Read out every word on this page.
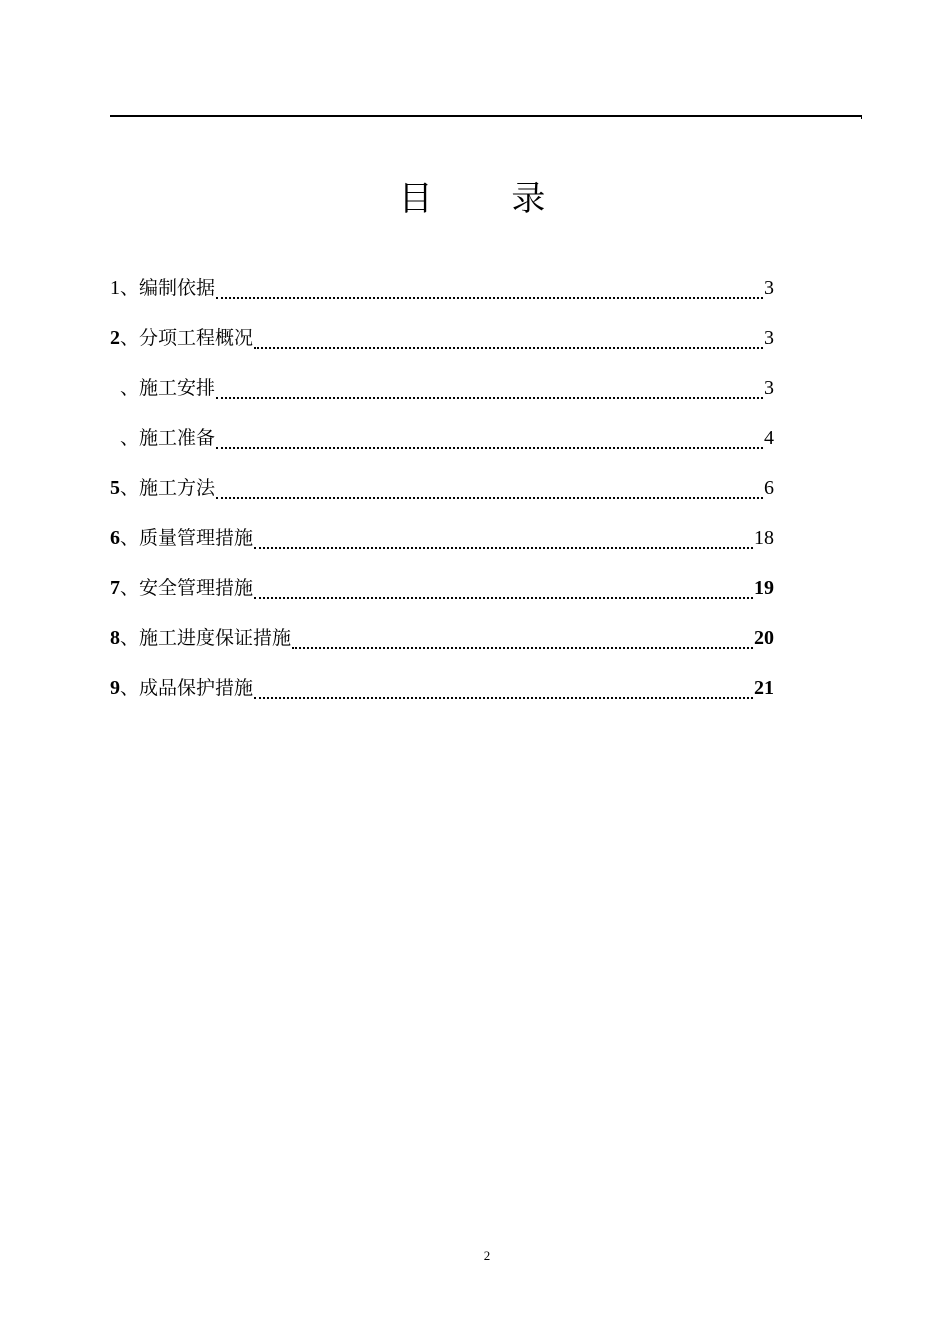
目 录
1 、 编制依据	3
2 、 分项工程概况	3
、 施工安排	3
、 施工准备	4
5 、 施工方法	6
6 、 质量管理措施	18
7 、 安全管理措施	19
8 、 施工进度保证措施	20
9 、 成品保护措施	21
2
